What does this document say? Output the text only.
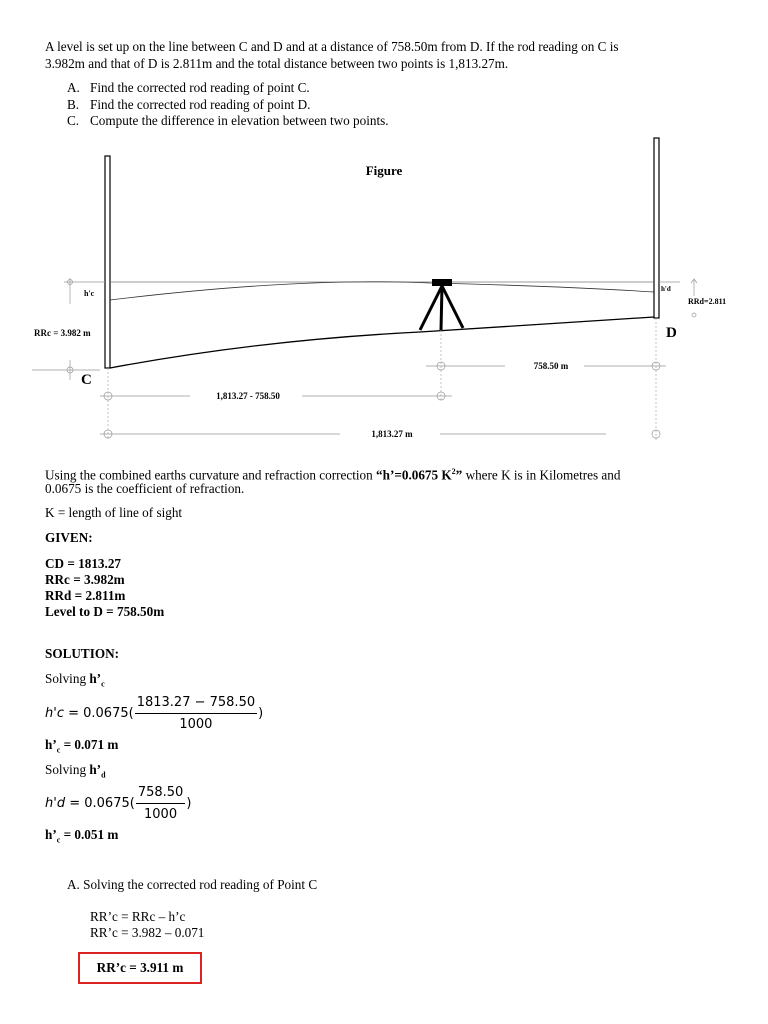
A level is set up on the line between C and D and at a distance of 758.50m from D. If the rod reading on C is
3.982m and that of D is 2.811m and the total distance between two points is 1,813.27m.
A. Find the corrected rod reading of point C.
B. Find the corrected rod reading of point D.
C. Compute the difference in elevation between two points.
Figure
h'c
RRc = 3.982 m
C
h'd
RRd=2.811
D
758.50 m
1,813.27 - 758.50
1,813.27 m
Using the combined earths curvature and refraction correction “h’=0.0675 $K^2$” where K is in Kilometres and
0.0675 is the coefficient of refraction.
K = length of line of sight
GIVEN:
CD = 1813.27
RRc = 3.982m
RRd = 2.811m
Level to D = 758.50m
SOLUTION:
Solving $h’_c$
h'c
= $0.0675( \frac{1813.27 - 758.50}{1000}$ )
$h’_c = 0.071$ m
Solving $h’_d$
h'd
= $0.0675( \frac{758.50}{1000}$ )
$h’_c = 0.051$ m
A. Solving the corrected rod reading of Point C
RR’c = RRc – h’c
RR’c = 3.982 – 0.071
RR’c = 3.911 m
